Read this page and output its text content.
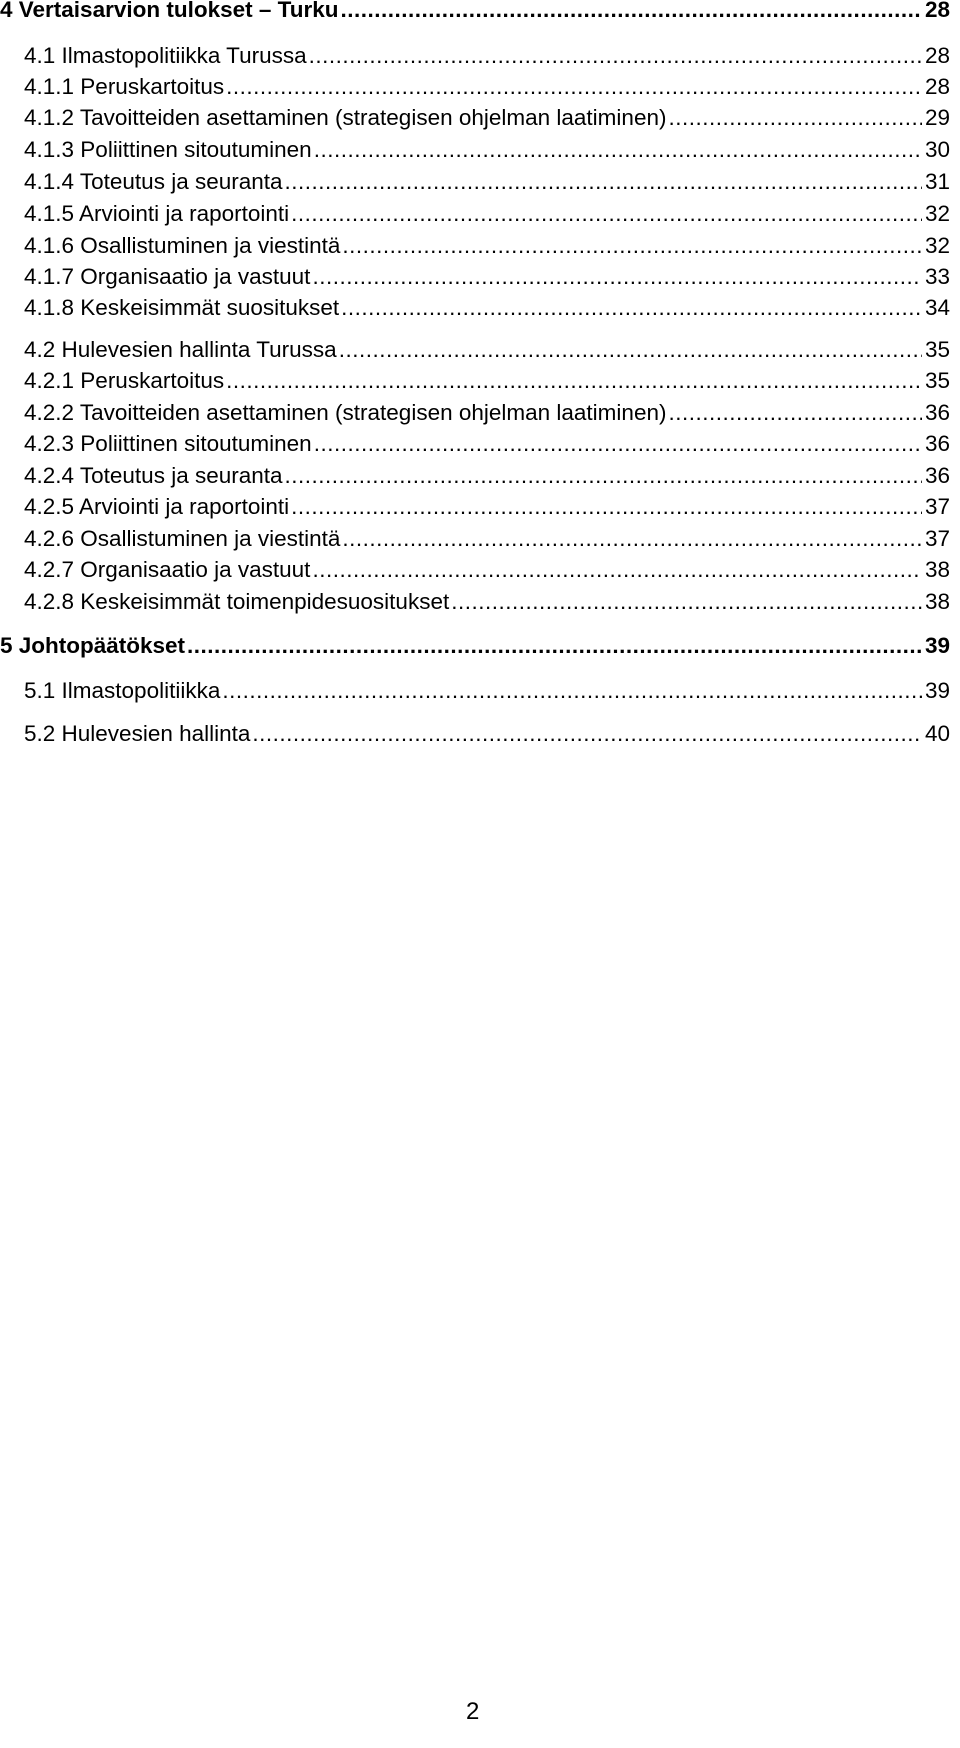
4 Vertaisarvion tulokset – Turku .....	28
4.1 Ilmastopolitiikka Turussa .....	28
4.1.1 Peruskartoitus .....	28
4.1.2 Tavoitteiden asettaminen (strategisen ohjelman laatiminen) .....	29
4.1.3 Poliittinen sitoutuminen .....	30
4.1.4 Toteutus ja seuranta .....	31
4.1.5 Arviointi ja raportointi .....	32
4.1.6 Osallistuminen ja viestintä .....	32
4.1.7 Organisaatio ja vastuut .....	33
4.1.8 Keskeisimmät suositukset .....	34
4.2 Hulevesien hallinta Turussa .....	35
4.2.1 Peruskartoitus .....	35
4.2.2 Tavoitteiden asettaminen (strategisen ohjelman laatiminen) .....	36
4.2.3 Poliittinen sitoutuminen .....	36
4.2.4 Toteutus ja seuranta .....	36
4.2.5 Arviointi ja raportointi .....	37
4.2.6 Osallistuminen ja viestintä .....	37
4.2.7 Organisaatio ja vastuut .....	38
4.2.8 Keskeisimmät toimenpidesuositukset .....	38
5 Johtopäätökset .....	39
5.1 Ilmastopolitiikka .....	39
5.2 Hulevesien hallinta .....	40
2
